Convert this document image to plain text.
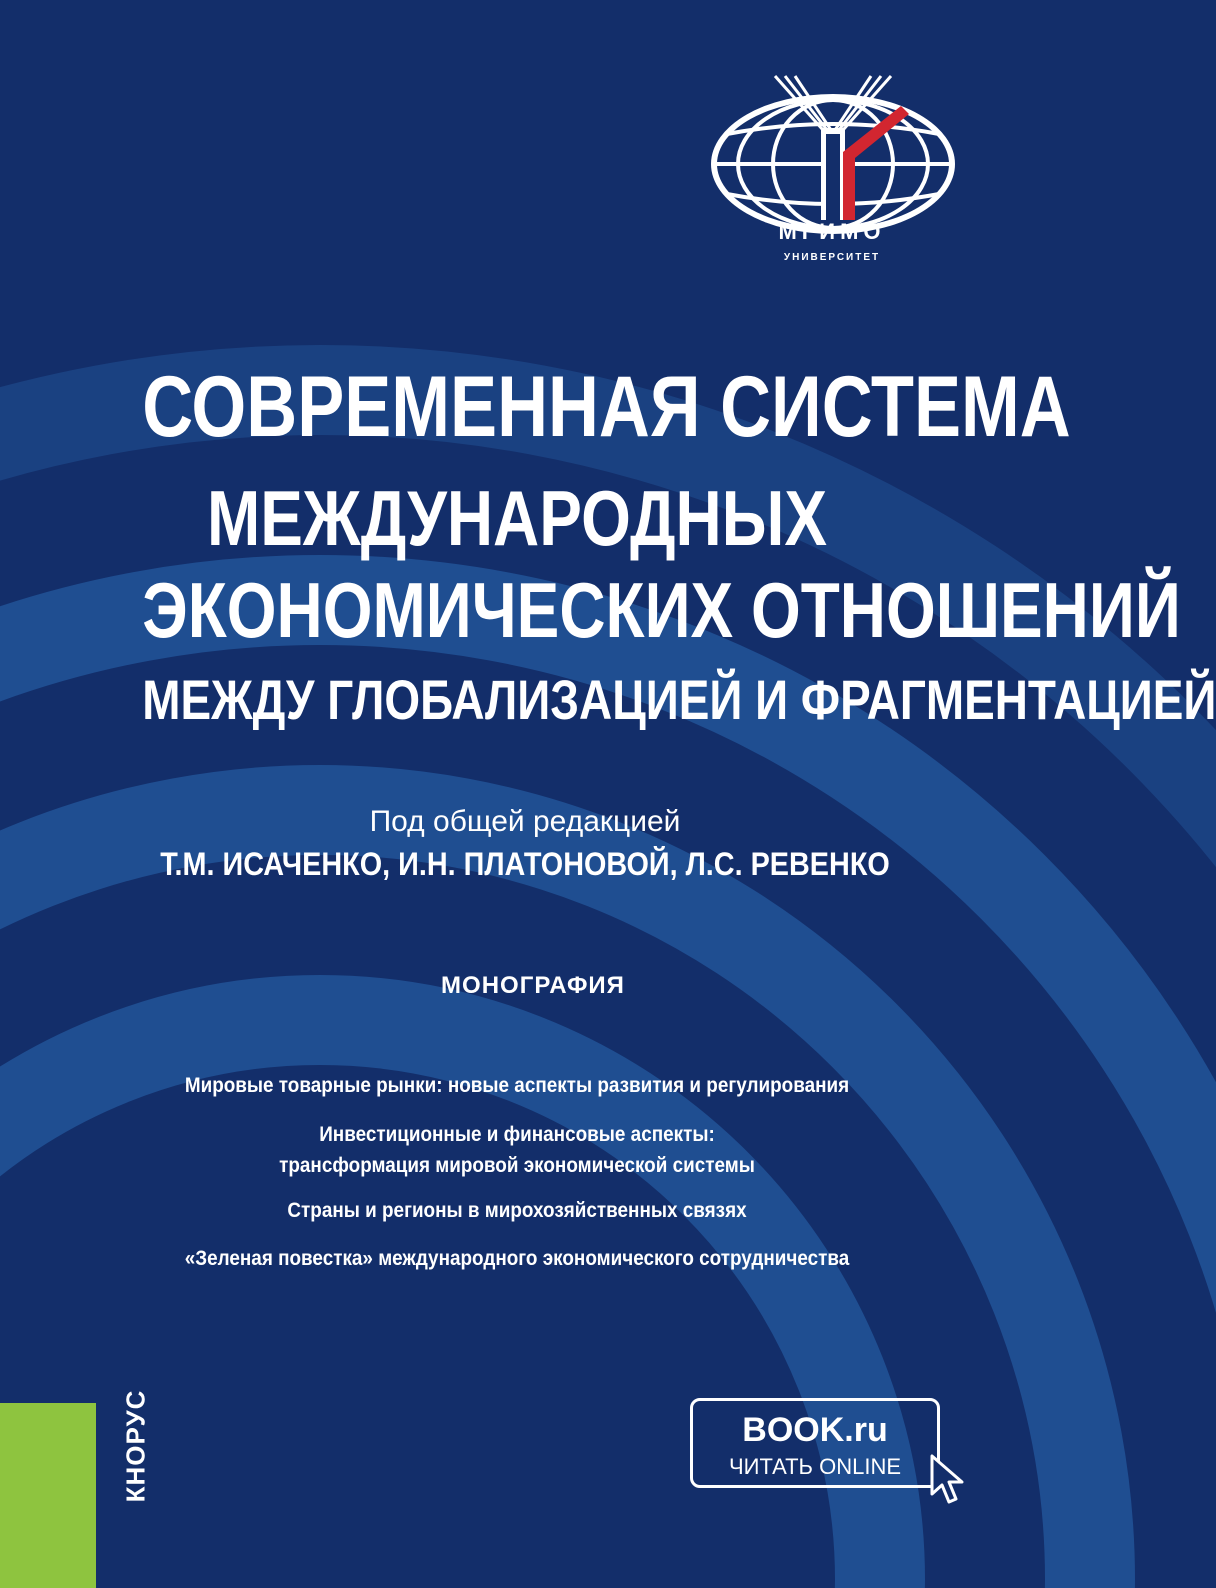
МГИМО
УНИВЕРСИТЕТ
СОВРЕМЕННАЯ СИСТЕМА
МЕЖДУНАРОДНЫХ
ЭКОНОМИЧЕСКИХ ОТНОШЕНИЙ
МЕЖДУ ГЛОБАЛИЗАЦИЕЙ И ФРАГМЕНТАЦИЕЙ
Под общей редакцией
Т.М. ИСАЧЕНКО, И.Н. ПЛАТОНОВОЙ, Л.С. РЕВЕНКО
МОНОГРАФИЯ
Мировые товарные рынки: новые аспекты развития и регулирования
Инвестиционные и финансовые аспекты:
трансформация мировой экономической системы
Страны и регионы в мирохозяйственных связях
«Зеленая повестка» международного экономического сотрудничества
КНОРУС	BOOK.ru
ЧИТАТЬ ONLINE
